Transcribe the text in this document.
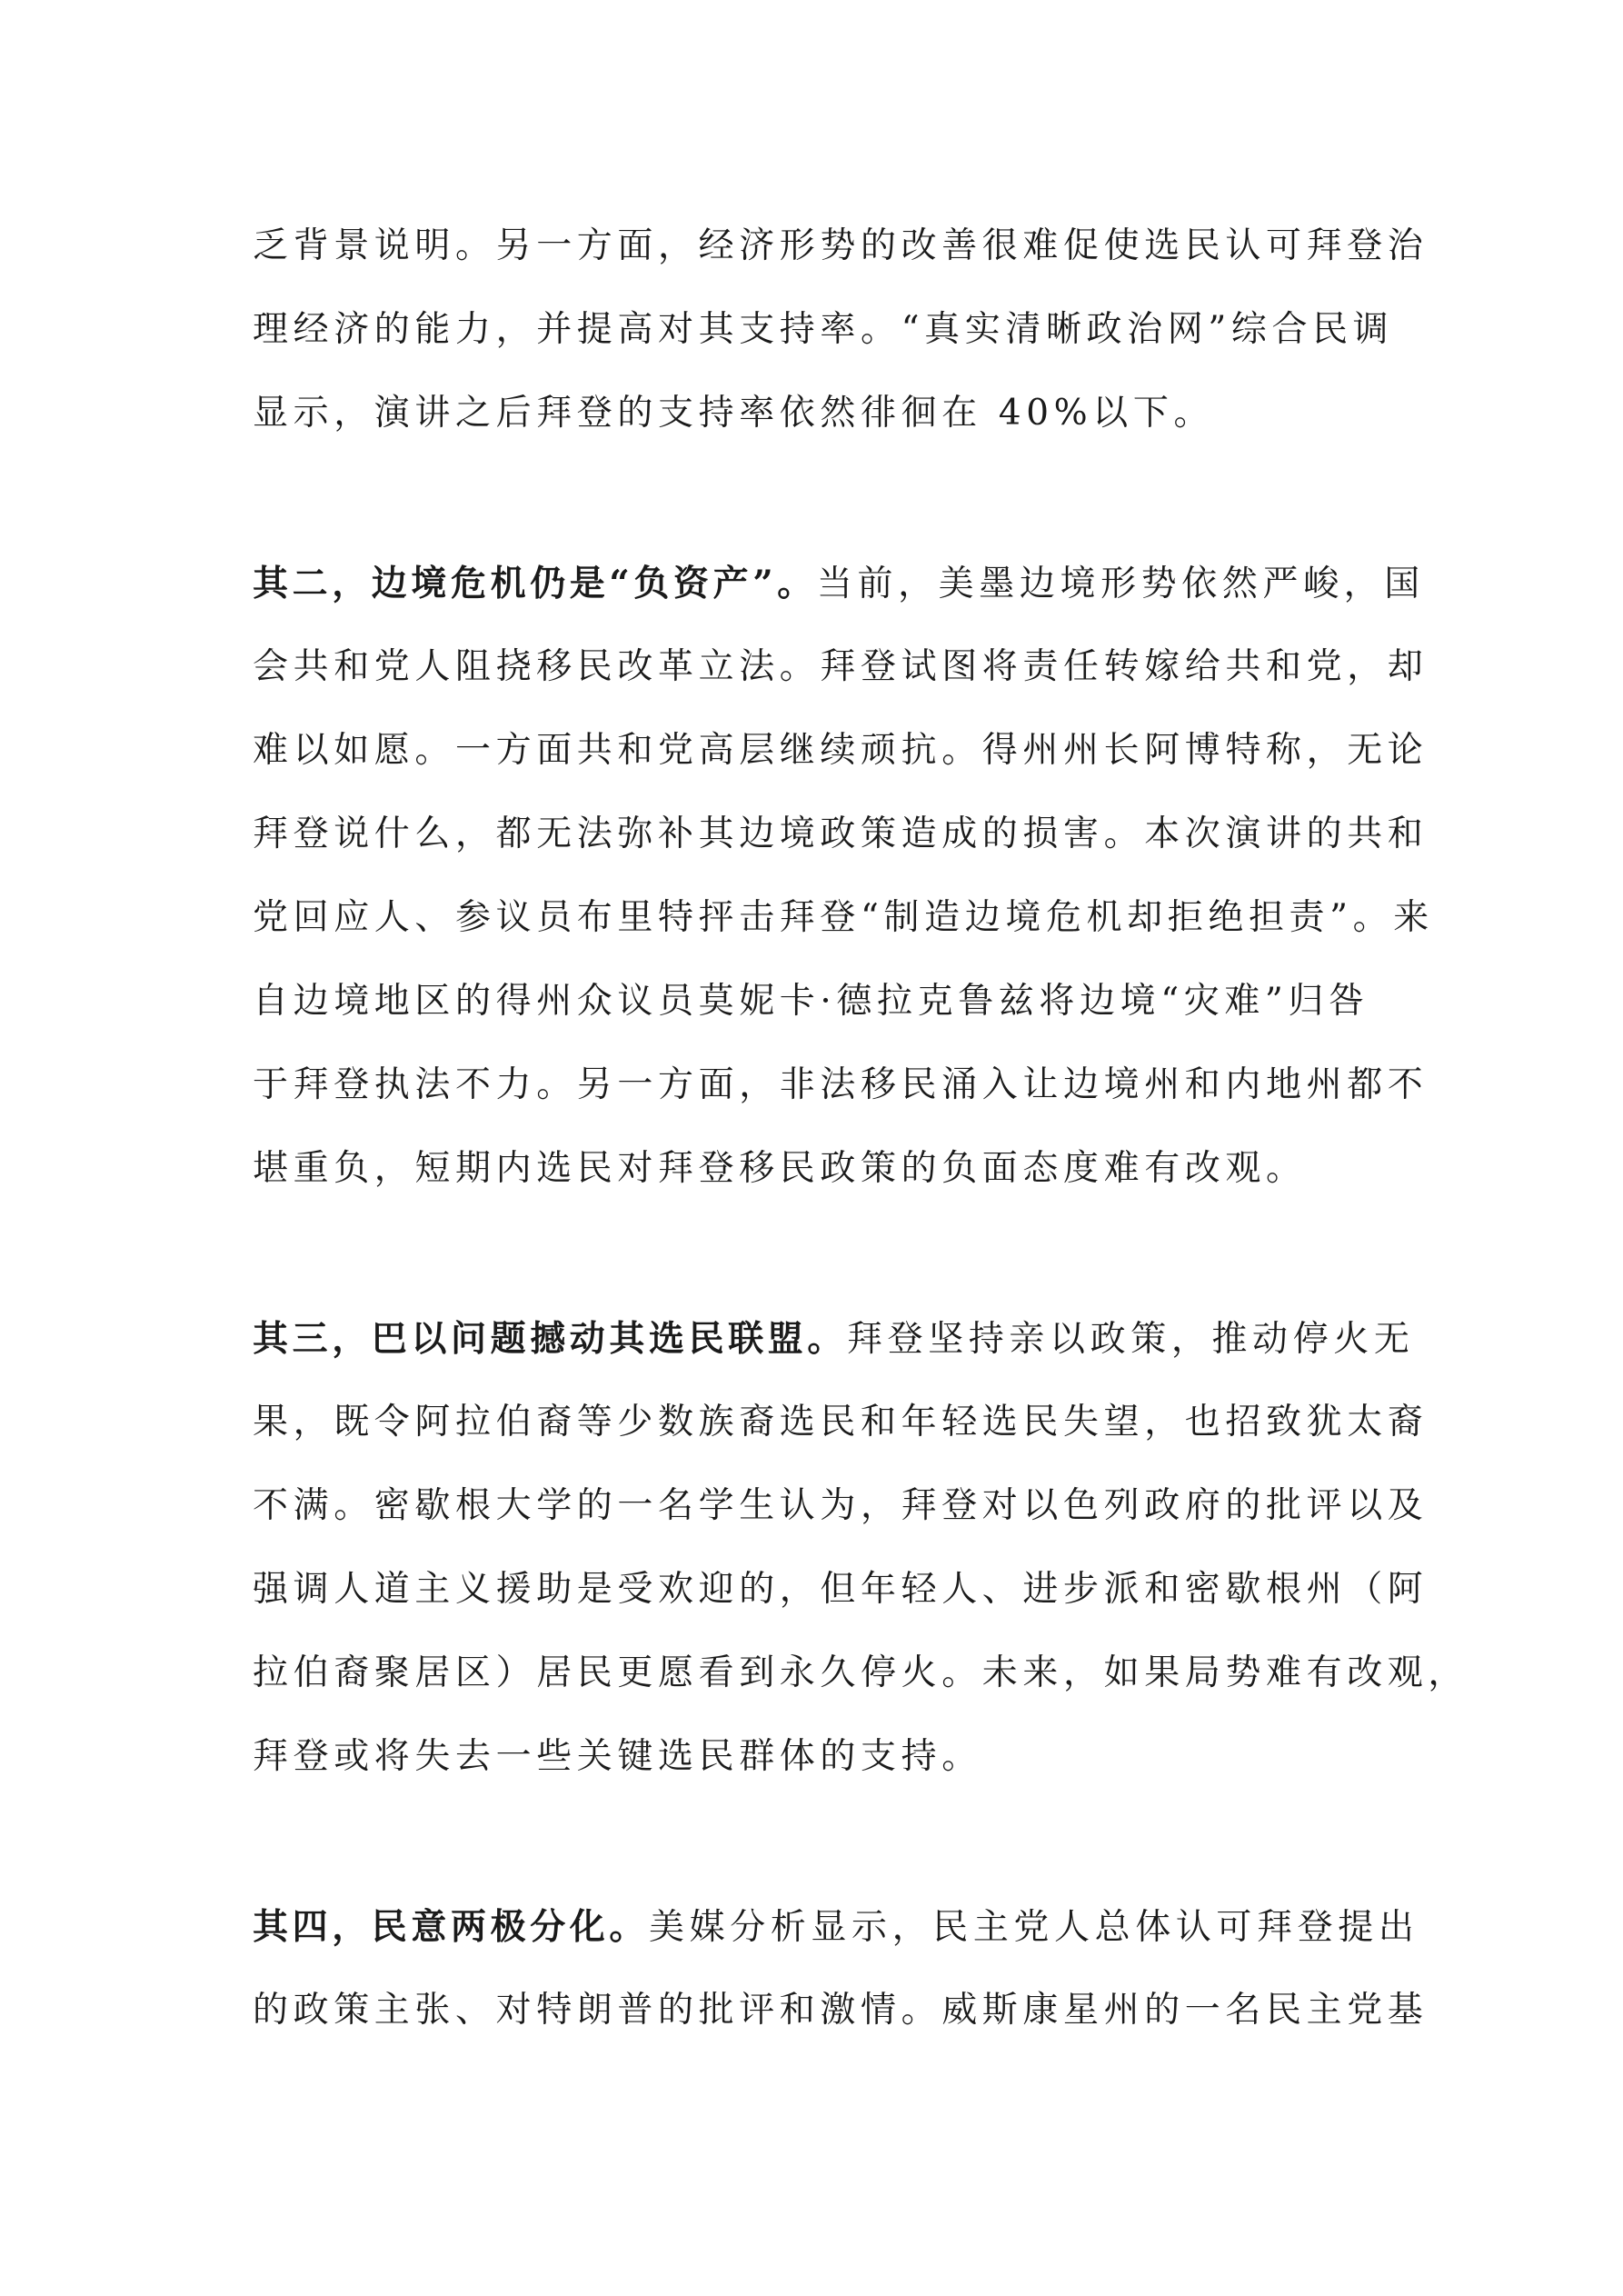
乏背景说明。另一方面，经济形势的改善很难促使选民认可拜登治
理经济的能力，并提高对其支持率。“真实清晰政治网”综合民调
显示，演讲之后拜登的支持率依然徘徊在 40%以下。
其二，边境危机仍是“负资产”。当前，美墨边境形势依然严峻，国
会共和党人阻挠移民改革立法。拜登试图将责任转嫁给共和党，却
难以如愿。一方面共和党高层继续顽抗。得州州长阿博特称，无论
拜登说什么，都无法弥补其边境政策造成的损害。本次演讲的共和
党回应人、参议员布里特抨击拜登“制造边境危机却拒绝担责”。来
自边境地区的得州众议员莫妮卡·德拉克鲁兹将边境“灾难”归咎
于拜登执法不力。另一方面，非法移民涌入让边境州和内地州都不
堪重负，短期内选民对拜登移民政策的负面态度难有改观。
其三，巴以问题撼动其选民联盟。拜登坚持亲以政策，推动停火无
果，既令阿拉伯裔等少数族裔选民和年轻选民失望，也招致犹太裔
不满。密歇根大学的一名学生认为，拜登对以色列政府的批评以及
强调人道主义援助是受欢迎的，但年轻人、进步派和密歇根州（阿
拉伯裔聚居区）居民更愿看到永久停火。未来，如果局势难有改观，
拜登或将失去一些关键选民群体的支持。
其四，民意两极分化。美媒分析显示，民主党人总体认可拜登提出
的政策主张、对特朗普的批评和激情。威斯康星州的一名民主党基
